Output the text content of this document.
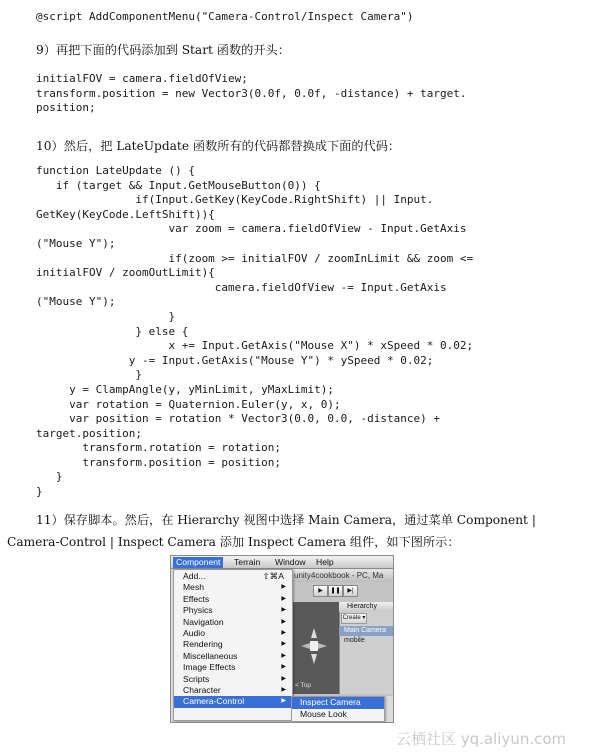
@script AddComponentMenu("Camera-Control/Inspect Camera")
9）再把下面的代码添加到 Start 函数的开头：
initialFOV = camera.fieldOfView;
transform.position = new Vector3(0.0f, 0.0f, -distance) + target.
position;
10）然后，把 LateUpdate 函数所有的代码都替换成下面的代码：
function LateUpdate () {
if (target && Input.GetMouseButton(0)) {
if(Input.GetKey(KeyCode.RightShift) || Input.
GetKey(KeyCode.LeftShift)){
var zoom = camera.fieldOfView - Input.GetAxis
("Mouse Y");
if(zoom >= initialFOV / zoomInLimit && zoom <=
initialFOV / zoomOutLimit){
camera.fieldOfView -= Input.GetAxis
("Mouse Y");
}
} else {
x += Input.GetAxis("Mouse X") * xSpeed * 0.02;
y -= Input.GetAxis("Mouse Y") * ySpeed * 0.02;
}
y = ClampAngle(y, yMinLimit, yMaxLimit);
var rotation = Quaternion.Euler(y, x, 0);
var position = rotation * Vector3(0.0, 0.0, -distance) +
target.position;
transform.rotation = rotation;
transform.position = position;
}
}
11）保存脚本。然后，在 Hierarchy 视图中选择 Main Camera，通过菜单 Component |
Camera-Control | Inspect Camera 添加 Inspect Camera 组件，如下图所示：
Component	Terrain	Window	Help
unity4cookbook - PC, Ma
▶	❚❚	▶|
< Top
Hierarchy
Create ▾
Main Camera
mobile
Add...	⇧⌘A
Mesh	▶
Effects	▶
Physics	▶
Navigation	▶
Audio	▶
Rendering	▶
Miscellaneous	▶
Image Effects	▶
Scripts	▶
Character	▶
Camera-Control	▶ Inspect Camera
Mouse Look
云栖社区 yq.aliyun.com
